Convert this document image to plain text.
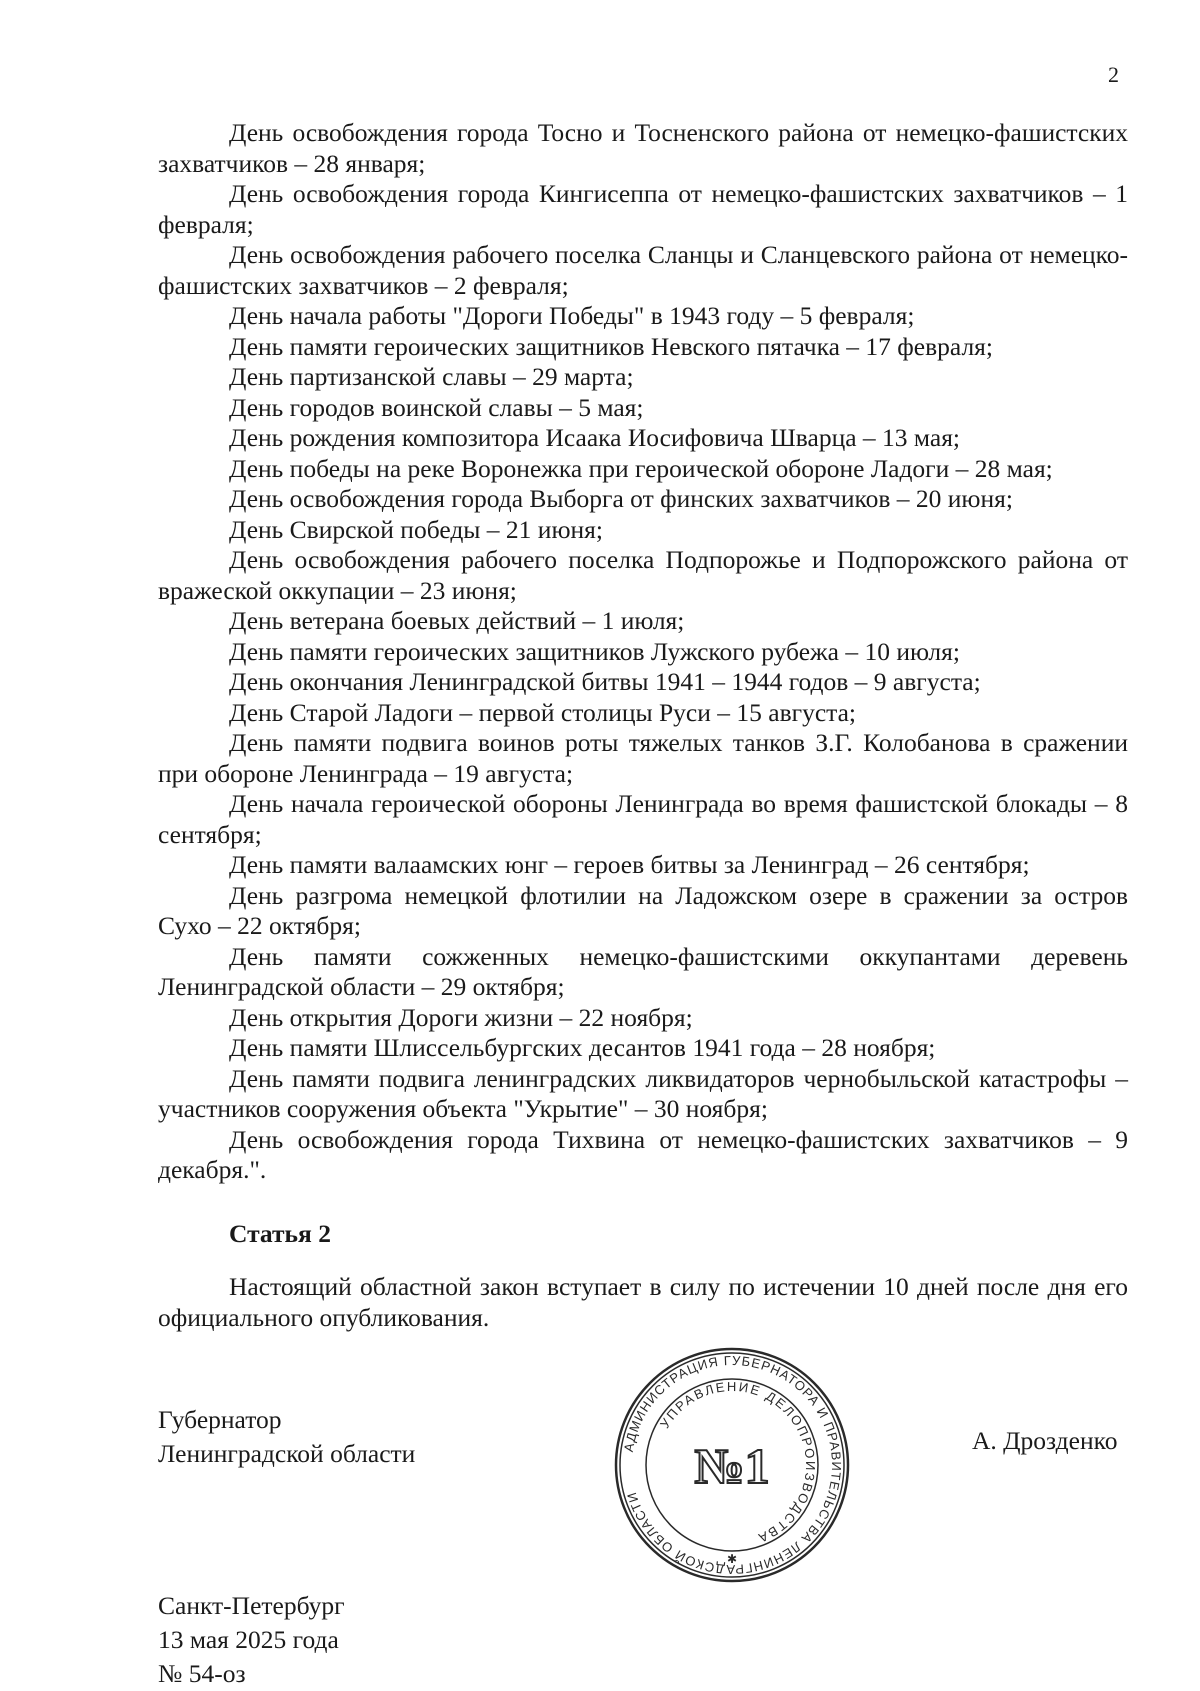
2

День освобождения города Тосно и Тосненского района от немецко-фашистских захватчиков – 28 января;

День освобождения города Кингисеппа от немецко-фашистских захватчиков – 1 февраля;

День освобождения рабочего поселка Сланцы и Сланцевского района от немецко-фашистских захватчиков – 2 февраля;

День начала работы "Дороги Победы" в 1943 году – 5 февраля;

День памяти героических защитников Невского пятачка – 17 февраля;

День партизанской славы – 29 марта;

День городов воинской славы – 5 мая;

День рождения композитора Исаака Иосифовича Шварца – 13 мая;

День победы на реке Воронежка при героической обороне Ладоги – 28 мая;

День освобождения города Выборга от финских захватчиков – 20 июня;

День Свирской победы – 21 июня;

День освобождения рабочего поселка Подпорожье и Подпорожского района от вражеской оккупации – 23 июня;

День ветерана боевых действий – 1 июля;

День памяти героических защитников Лужского рубежа – 10 июля;

День окончания Ленинградской битвы 1941 – 1944 годов – 9 августа;

День Старой Ладоги – первой столицы Руси – 15 августа;

День памяти подвига воинов роты тяжелых танков З.Г. Колобанова в сражении при обороне Ленинграда – 19 августа;

День начала героической обороны Ленинграда во время фашистской блокады – 8 сентября;

День памяти валаамских юнг – героев битвы за Ленинград – 26 сентября;

День разгрома немецкой флотилии на Ладожском озере в сражении за остров Сухо – 22 октября;

День памяти сожженных немецко-фашистскими оккупантами деревень Ленинградской области – 29 октября;

День открытия Дороги жизни – 22 ноября;

День памяти Шлиссельбургских десантов 1941 года – 28 ноября;

День памяти подвига ленинградских ликвидаторов чернобыльской катастрофы – участников сооружения объекта "Укрытие" – 30 ноября;

День освобождения города Тихвина от немецко-фашистских захватчиков – 9 декабря.".

Статья 2

Настоящий областной закон вступает в силу по истечении 10 дней после дня его официального опубликования.

Губернатор
Ленинградской области	А. Дрозденко
АДМИНИСТРАЦИЯ ГУБЕРНАТОРА И ПРАВИТЕЛЬСТВА ЛЕНИНГРАДСКОЙ ОБЛАСТИ
УПРАВЛЕНИЕ ДЕЛОПРОИЗВОДСТВА
№1
✱
Санкт-Петербург
13 мая 2025 года
№ 54-оз
